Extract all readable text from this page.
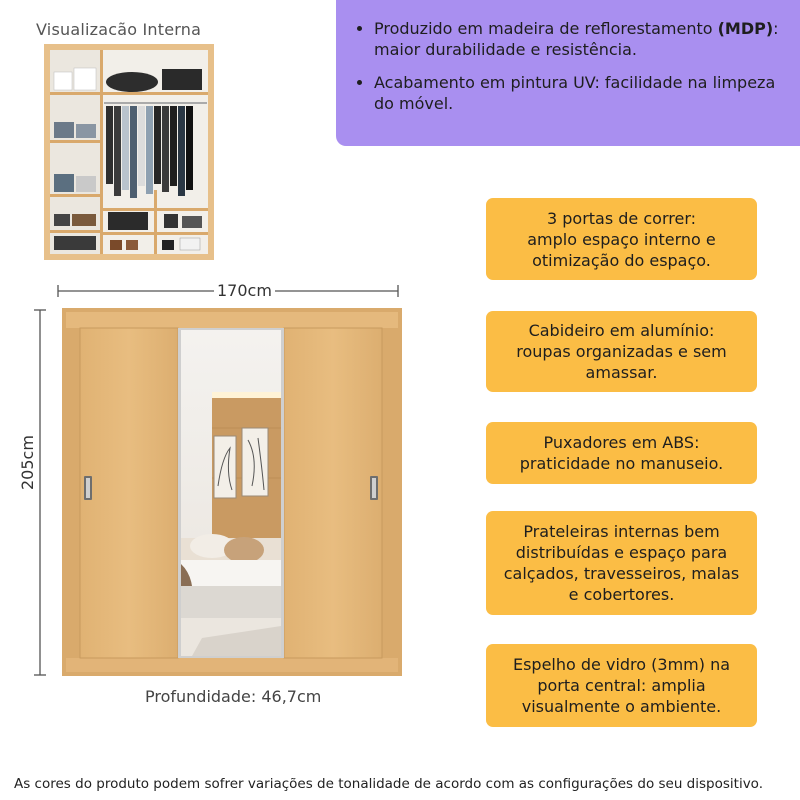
Visualizacão Interna
•	Produzido em madeira de reflorestamento (MDP): maior durabilidade e resistência.
• Acabamento em pintura UV: facilidade na limpeza do móvel.
3 portas de correr:
amplo espaço interno e
otimização do espaço.
Cabideiro em alumínio:
roupas organizadas e sem
amassar.
Puxadores em ABS:
praticidade no manuseio.
Prateleiras internas bem
distribuídas e espaço para
calçados, travesseiros, malas
e cobertores.
Espelho de vidro (3mm) na
porta central: amplia
visualmente o ambiente.
170cm
205cm
Profundidade: 46,7cm
As cores do produto podem sofrer variações de tonalidade de acordo com as configurações do seu dispositivo.
